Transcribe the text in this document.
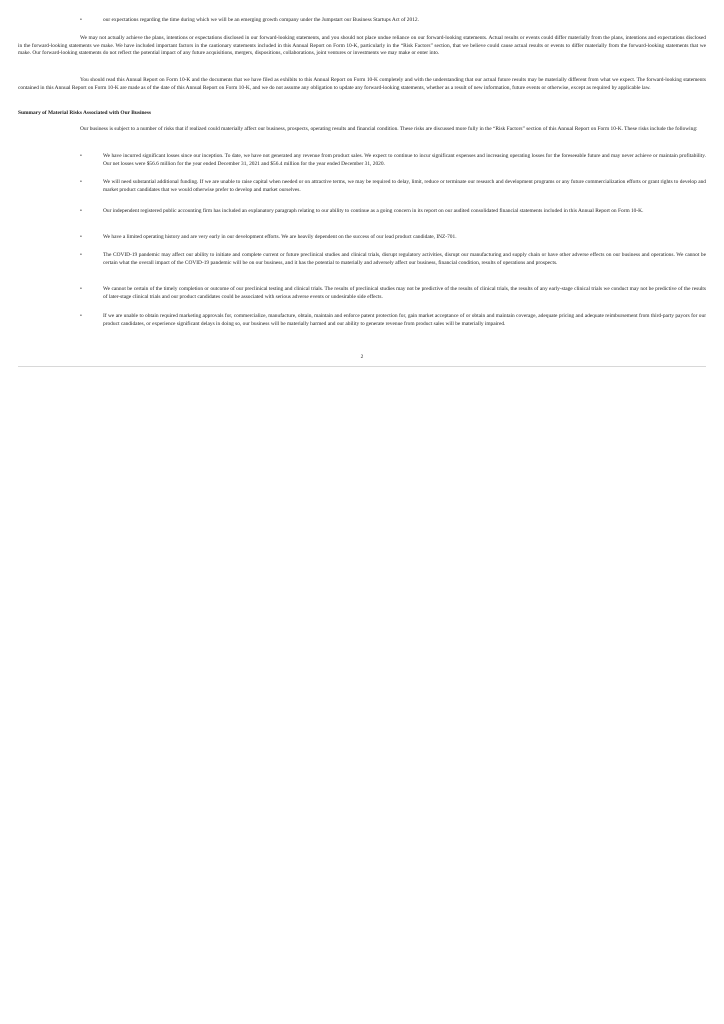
•	our expectations regarding the time during which we will be an emerging growth company under the Jumpstart our Business Startups Act of 2012.
We may not actually achieve the plans, intentions or expectations disclosed in our forward-looking statements, and you should not place undue reliance on our forward-looking statements. Actual results or events could differ materially from the plans, intentions and expectations disclosed in the forward-looking statements we make. We have included important factors in the cautionary statements included in this Annual Report on Form 10-K, particularly in the “Risk Factors” section, that we believe could cause actual results or events to differ materially from the forward-looking statements that we make. Our forward-looking statements do not reflect the potential impact of any future acquisitions, mergers, dispositions, collaborations, joint ventures or investments we may make or enter into.
You should read this Annual Report on Form 10-K and the documents that we have filed as exhibits to this Annual Report on Form 10-K completely and with the understanding that our actual future results may be materially different from what we expect. The forward-looking statements contained in this Annual Report on Form 10-K are made as of the date of this Annual Report on Form 10-K, and we do not assume any obligation to update any forward-looking statements, whether as a result of new information, future events or otherwise, except as required by applicable law.
Summary of Material Risks Associated with Our Business
Our business is subject to a number of risks that if realized could materially affect our business, prospects, operating results and financial condition. These risks are discussed more fully in the “Risk Factors” section of this Annual Report on Form 10-K. These risks include the following:
•	We have incurred significant losses since our inception. To date, we have not generated any revenue from product sales. We expect to continue to incur significant expenses and increasing operating losses for the foreseeable future and may never achieve or maintain profitability. Our net losses were $56.6 million for the year ended December 31, 2021 and $56.4 million for the year ended December 31, 2020.
•	We will need substantial additional funding. If we are unable to raise capital when needed or on attractive terms, we may be required to delay, limit, reduce or terminate our research and development programs or any future commercialization efforts or grant rights to develop and market product candidates that we would otherwise prefer to develop and market ourselves.
•	Our independent registered public accounting firm has included an explanatory paragraph relating to our ability to continue as a going concern in its report on our audited consolidated financial statements included in this Annual Report on Form 10-K.
•	We have a limited operating history and are very early in our development efforts. We are heavily dependent on the success of our lead product candidate, INZ-701.
•	The COVID-19 pandemic may affect our ability to initiate and complete current or future preclinical studies and clinical trials, disrupt regulatory activities, disrupt our manufacturing and supply chain or have other adverse effects on our business and operations. We cannot be certain what the overall impact of the COVID-19 pandemic will be on our business, and it has the potential to materially and adversely affect our business, financial condition, results of operations and prospects.
•	We cannot be certain of the timely completion or outcome of our preclinical testing and clinical trials. The results of preclinical studies may not be predictive of the results of clinical trials, the results of any early-stage clinical trials we conduct may not be predictive of the results of later-stage clinical trials and our product candidates could be associated with serious adverse events or undesirable side effects.
•	If we are unable to obtain required marketing approvals for, commercialize, manufacture, obtain, maintain and enforce patent protection for, gain market acceptance of or obtain and maintain coverage, adequate pricing and adequate reimbursement from third-party payors for our product candidates, or experience significant delays in doing so, our business will be materially harmed and our ability to generate revenue from product sales will be materially impaired.
2
